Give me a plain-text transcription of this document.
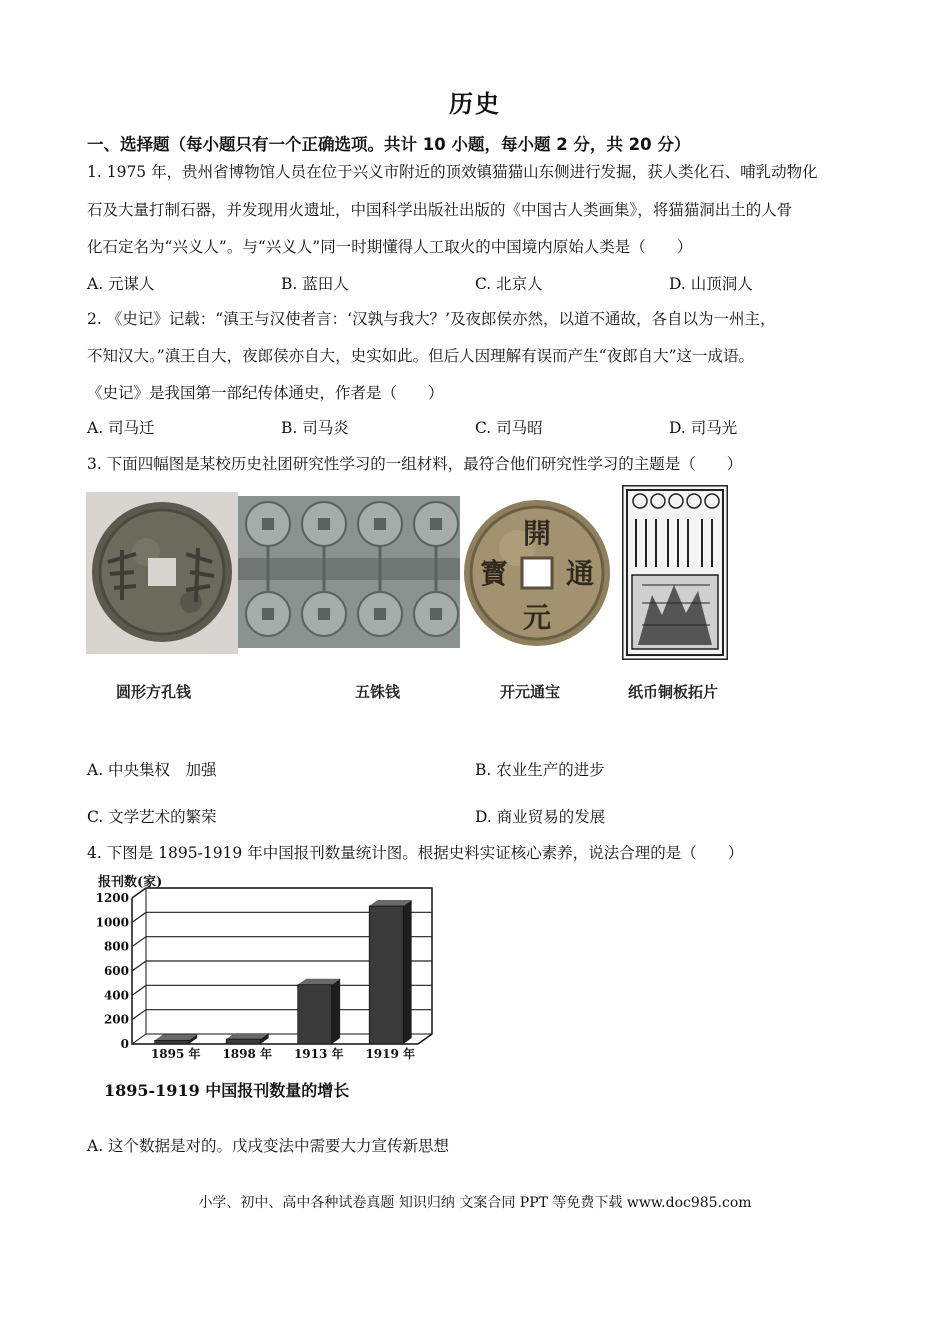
历史
一、选择题（每小题只有一个正确选项。共计 10 小题，每小题 2 分，共 20 分）
1. 1975 年，贵州省博物馆人员在位于兴义市附近的顶效镇猫猫山东侧进行发掘，获人类化石、哺乳动物化
石及大量打制石器，并发现用火遗址，中国科学出版社出版的《中国古人类画集》，将猫猫洞出土的人骨
化石定名为“兴义人”。与“兴义人”同一时期懂得人工取火的中国境内原始人类是（　　）
A. 元谋人	B. 蓝田人	C. 北京人	D. 山顶洞人
2. 《史记》记载：“滇王与汉使者言：‘汉孰与我大？’及夜郎侯亦然，以道不通故，各自以为一州主，
不知汉大。”滇王自大，夜郎侯亦自大，史实如此。但后人因理解有误而产生“夜郎自大”这一成语。
《史记》是我国第一部纪传体通史，作者是（　　）
A. 司马迁	B. 司马炎	C. 司马昭	D. 司马光
3. 下面四幅图是某校历史社团研究性学习的一组材料，最符合他们研究性学习的主题是（　　）
開
元
通
寳
圆形方孔钱	五铢钱	开元通宝	纸币铜板拓片
A. 中央集权　加强	B. 农业生产的进步
C. 文学艺术的繁荣	D. 商业贸易的发展
4. 下图是 1895-1919 年中国报刊数量统计图。根据史料实证核心素养，说法合理的是（　　）
报刊数(家)
0
200
400
600
800
1000
1200
1895 年 1898 年 1913 年 1919 年
1895-1919 中国报刊数量的增长
A. 这个数据是对的。戊戌变法中需要大力宣传新思想
小学、初中、高中各种试卷真题 知识归纳 文案合同 PPT 等免费下载 www.doc985.com
